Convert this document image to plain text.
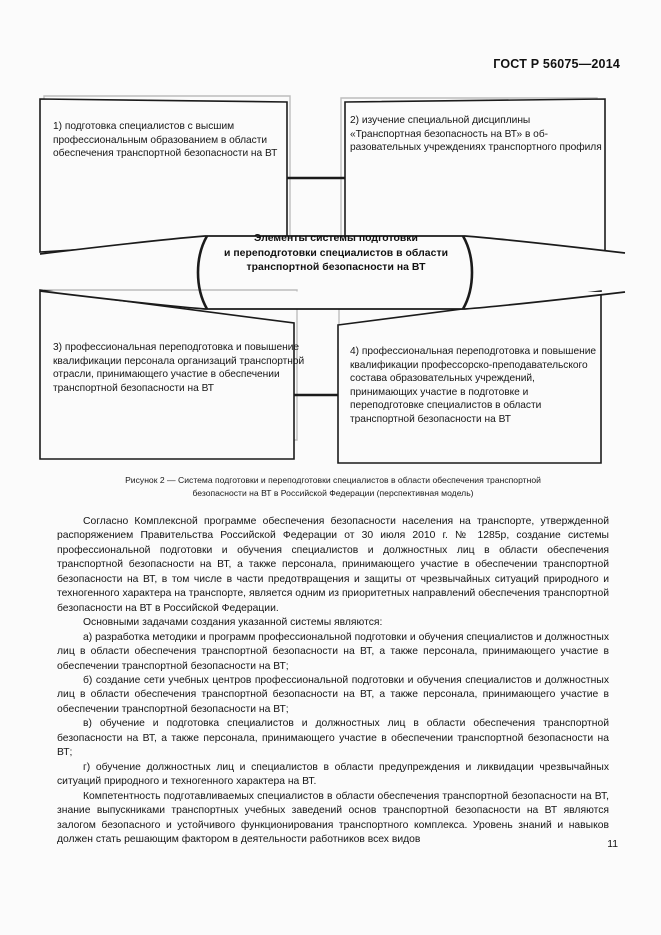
ГОСТ Р 56075—2014
1) подготовка специалистов с высшим профессиональным образованием в области обеспечения транспортной безопасности на ВТ
2) изучение специальной дисциплины «Транспортная безопасность на ВТ» в образовательных учреждениях транспортного профиля
3) профессиональная переподготовка и повышение квалификации персонала организаций транспортной отрасли, принимающего участие в обеспечении транспортной безопасности на ВТ
4) профессиональная переподготовка и повышение квалификации профессорско-преподавательского состава образовательных учреждений, принимающих участие в подготовке и переподготовке специалистов в области транспортной безопасности на ВТ
Элементы системы подготовки
и переподготовки специалистов в области
транспортной безопасности на ВТ
Рисунок 2 — Система подготовки и переподготовки специалистов в области обеспечения транспортной
безопасности на ВТ в Российской Федерации (перспективная модель)

Согласно Комплексной программе обеспечения безопасности населения на транспорте, утвержденной распоряжением Правительства Российской Федерации от 30 июля 2010 г. № 1285р, создание системы профессиональной подготовки и обучения специалистов и должностных лиц в области обеспечения транспортной безопасности на ВТ, а также персонала, принимающего участие в обеспечении транспортной безопасности на ВТ, в том числе в части предотвращения и защиты от чрезвычайных ситуаций природного и техногенного характера на транспорте, является одним из приоритетных направлений обеспечения транспортной безопасности на ВТ в Российской Федерации.

Основными задачами создания указанной системы являются:

а) разработка методики и программ профессиональной подготовки и обучения специалистов и должностных лиц в области обеспечения транспортной безопасности на ВТ, а также персонала, принимающего участие в обеспечении транспортной безопасности на ВТ;

б) создание сети учебных центров профессиональной подготовки и обучения специалистов и должностных лиц в области обеспечения транспортной безопасности на ВТ, а также персонала, принимающего участие в обеспечении транспортной безопасности на ВТ;

в) обучение и подготовка специалистов и должностных лиц в области обеспечения транспортной безопасности на ВТ, а также персонала, принимающего участие в обеспечении транспортной безопасности на ВТ;

г) обучение должностных лиц и специалистов в области предупреждения и ликвидации чрезвычайных ситуаций природного и техногенного характера на ВТ.

Компетентность подготавливаемых специалистов в области обеспечения транспортной безопасности на ВТ, знание выпускниками транспортных учебных заведений основ транспортной безопасности на ВТ являются залогом безопасного и устойчивого функционирования транспортного комплекса. Уровень знаний и навыков должен стать решающим фактором в деятельности работников всех видов	11
